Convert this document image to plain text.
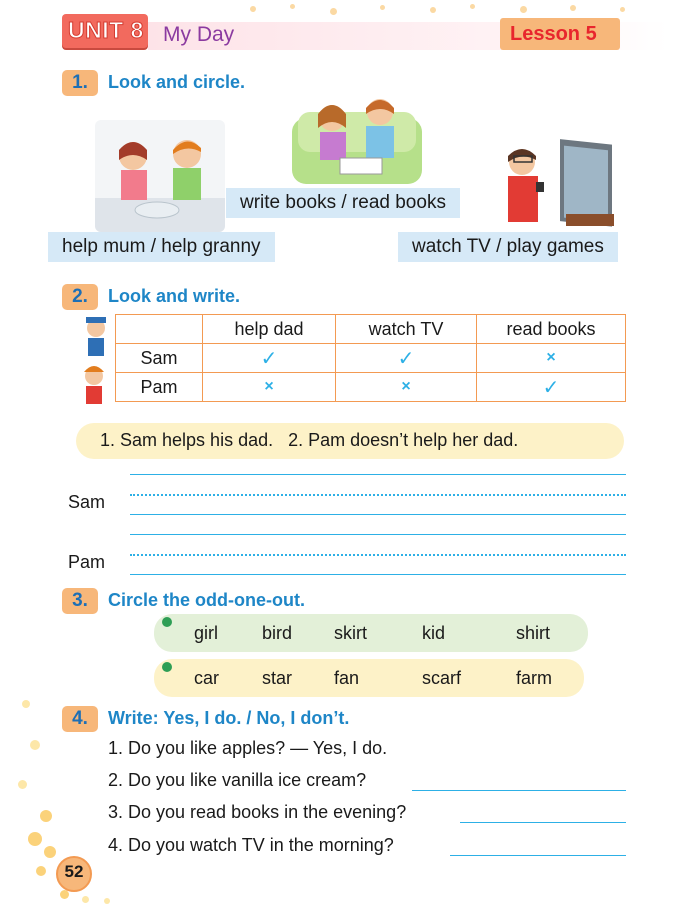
UNIT 8 My Day	Lesson 5
1.	Look and circle.
help mum / help granny
write books / read books
watch TV / play games
2.	Look and write.
	help dad	watch TV	read books
Sam	✓	✓	×
Pam	×	×	✓
1. Sam helps his dad.   2. Pam doesn’t help her dad.
Sam
Pam
3.	Circle the odd-one-out.
girl bird skirt	kid	shirt
car star fan	scarf	farm
4.	Write: Yes, I do. / No, I don’t.
1. Do you like apples? — Yes, I do.
2. Do you like vanilla ice cream?
3. Do you read books in the evening?
4. Do you watch TV in the morning?
52
